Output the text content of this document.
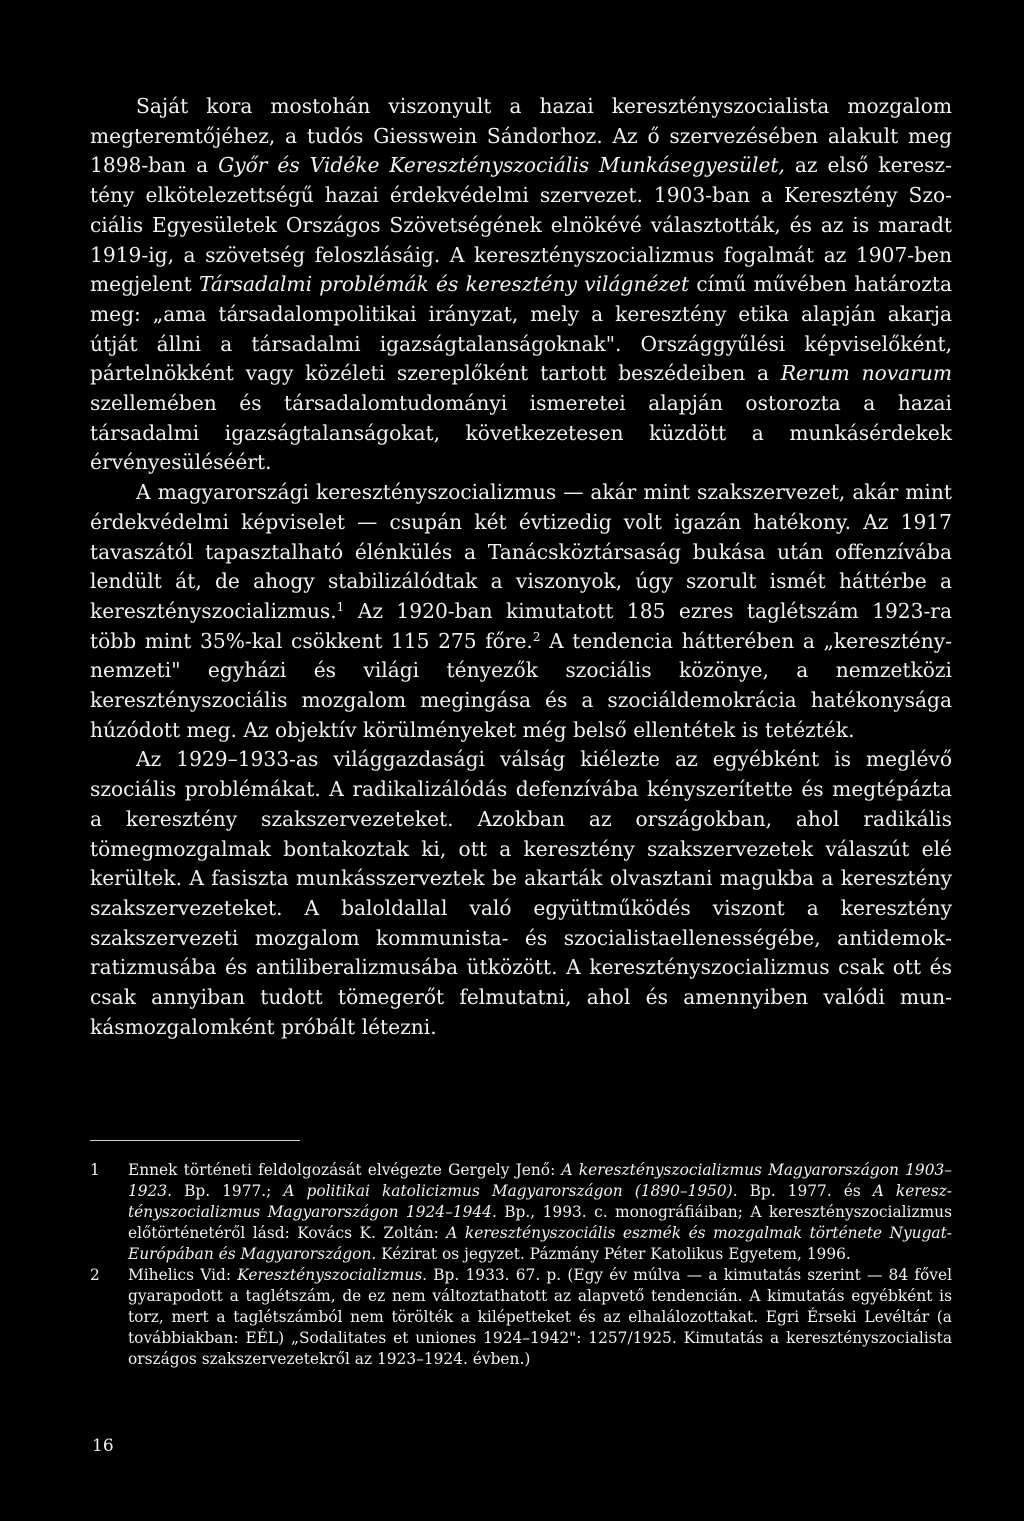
Saját kora mostohán viszonyult a hazai keresztényszocialista mozgalom megteremtőjéhez, a tudós Giesswein Sándorhoz. Az ő szervezésében alakult meg 1898-ban a Győr és Vidéke Keresztényszociális Munkásegyesület, az első keresztény elkötelezettségű hazai érdekvédelmi szervezet. 1903-ban a Keresztény Szociális Egyesületek Országos Szövetségének elnökévé választották, és az is maradt 1919-ig, a szövetség feloszlásáig. A keresztényszocializmus fogalmát az 1907-ben megjelent Társadalmi problémák és keresztény világnézet című művében határozta meg: „ama társadalompolitikai irányzat, mely a keresztény etika alapján akarja útját állni a társadalmi igazságtalanságoknak". Országgyűlési képviselőként, pártelnökként vagy közéleti szereplőként tartott beszédeiben a Rerum novarum szellemében és társadalomtudományi ismeretei alapján ostorozta a hazai társadalmi igazságtalanságokat, következetesen küzdött a munkásérdekek érvényesüléséért.

A magyarországi keresztényszocializmus — akár mint szakszervezet, akár mint érdekvédelmi képviselet — csupán két évtizedig volt igazán hatékony. Az 1917 tavaszától tapasztalható élénkülés a Tanácsköztársaság bukása után offenzívába lendült át, de ahogy stabilizálódtak a viszonyok, úgy szorult ismét háttérbe a keresztényszocializmus.$^1$ Az 1920-ban kimutatott 185 ezres taglétszám 1923-ra több mint 35%-kal csökkent 115 275 főre.$^2$ A tendencia hátterében a „keresztény-nemzeti" egyházi és világi tényezők szociális közönye, a nemzetközi keresztényszociális mozgalom megingása és a szociáldemokrácia hatékonysága húzódott meg. Az objektív körülményeket még belső ellentétek is tetézték.

Az 1929–1933-as világgazdasági válság kiélezte az egyébként is meglévő szociális problémákat. A radikalizálódás defenzívába kényszerítette és megtépázta a keresztény szakszervezeteket. Azokban az országokban, ahol radikális tömegmozgalmak bontakoztak ki, ott a keresztény szakszervezetek válaszút elé kerültek. A fasiszta munkásszerveztek be akarták olvasztani magukba a keresztény szakszervezeteket. A baloldallal való együttműködés viszont a keresztény szakszervezeti mozgalom kommunista- és szocialistaellenességébe, antidemokratizmusába és antiliberalizmusába ütközött. A keresztényszocializmus csak ott és csak annyiban tudott tömegerőt felmutatni, ahol és amennyiben valódi munkásmozgalomként próbált létezni.

1	Ennek történeti feldolgozását elvégezte Gergely Jenő: A keresztényszocializmus Magyarországon 1903–1923. Bp. 1977.; A politikai katolicizmus Magyarországon (1890–1950). Bp. 1977. és A keresztényszocializmus Magyarországon 1924–1944. Bp., 1993. c. monográfiáiban; A keresztényszocializmus előtörténetéről lásd: Kovács K. Zoltán: A keresztényszociális eszmék és mozgalmak története Nyugat-Európában és Magyarországon. Kézirat os jegyzet. Pázmány Péter Katolikus Egyetem, 1996.
2	Mihelics Vid: Keresztényszocializmus. Bp. 1933. 67. p. (Egy év múlva — a kimutatás szerint — 84 fővel gyarapodott a taglétszám, de ez nem változtathatott az alapvető tendencián. A kimutatás egyébként is torz, mert a taglétszámból nem törölték a kilépetteket és az elhalálozottakat. Egri Érseki Levéltár (a továbbiakban: EÉL) „Sodalitates et uniones 1924–1942": 1257/1925. Kimutatás a keresztényszocialista országos szakszervezetekről az 1923–1924. évben.)
16
